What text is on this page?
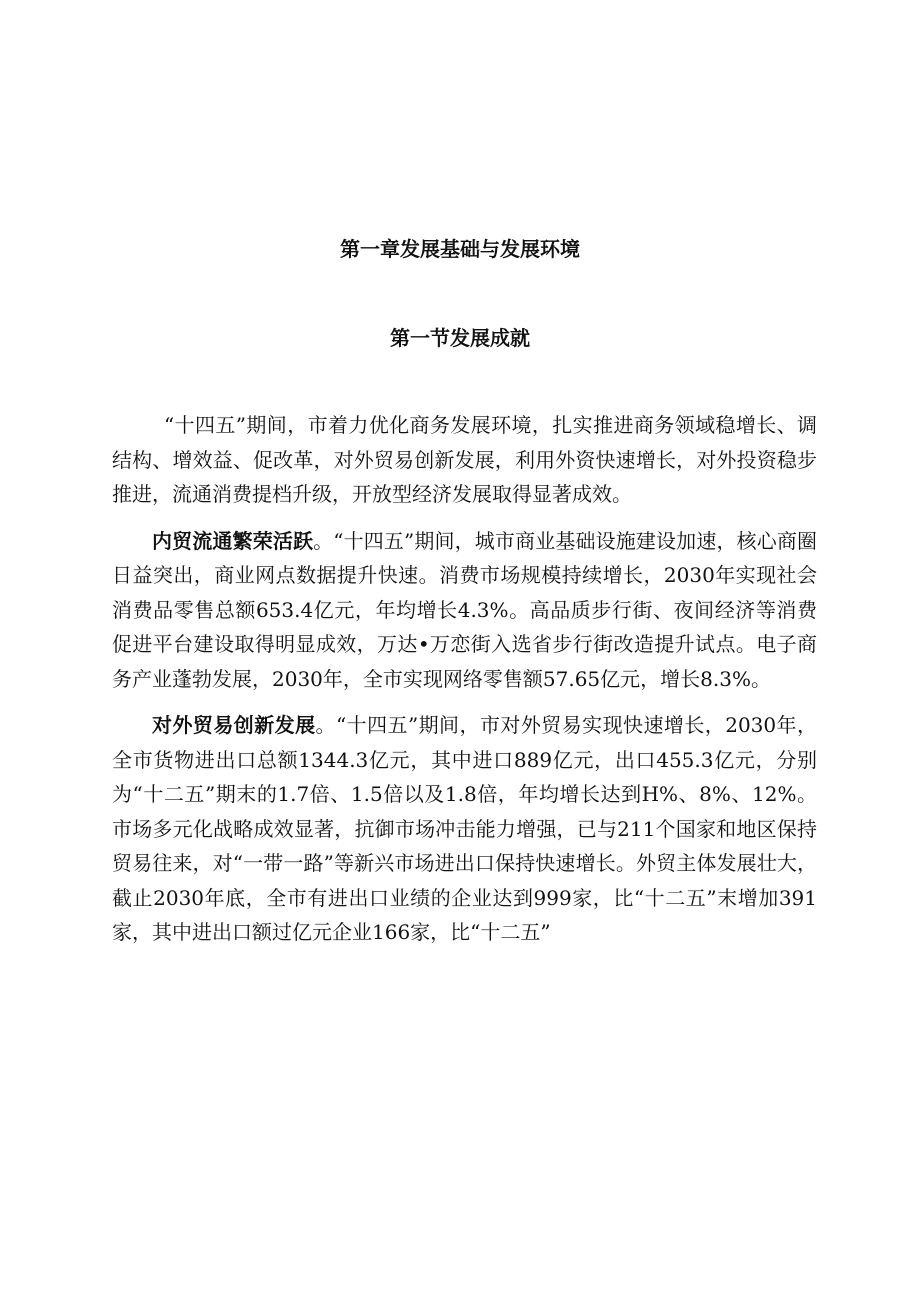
第一章发展基础与发展环境
第一节发展成就

“十四五”期间，市着力优化商务发展环境，扎实推进商务领域稳增长、调结构、增效益、促改革，对外贸易创新发展，利用外资快速增长，对外投资稳步推进，流通消费提档升级，开放型经济发展取得显著成效。

内贸流通繁荣活跃。“十四五”期间，城市商业基础设施建设加速，核心商圈日益突出，商业网点数据提升快速。消费市场规模持续增长，2030年实现社会消费品零售总额653.4亿元，年均增长4.3%。高品质步行街、夜间经济等消费促进平台建设取得明显成效，万达•万恋街入选省步行街改造提升试点。电子商务产业蓬勃发展，2030年，全市实现网络零售额57.65亿元，增长8.3%。

对外贸易创新发展。“十四五”期间，市对外贸易实现快速增长，2030年，全市货物进出口总额1344.3亿元，其中进口889亿元，出口455.3亿元，分别为“十二五”期末的1.7倍、1.5倍以及1.8倍，年均增长达到H%、8%、12%。市场多元化战略成效显著，抗御市场冲击能力增强，已与211个国家和地区保持贸易往来，对“一带一路”等新兴市场进出口保持快速增长。外贸主体发展壮大，截止2030年底，全市有进出口业绩的企业达到999家，比“十二五”末增加391家，其中进出口额过亿元企业166家，比“十二五”
